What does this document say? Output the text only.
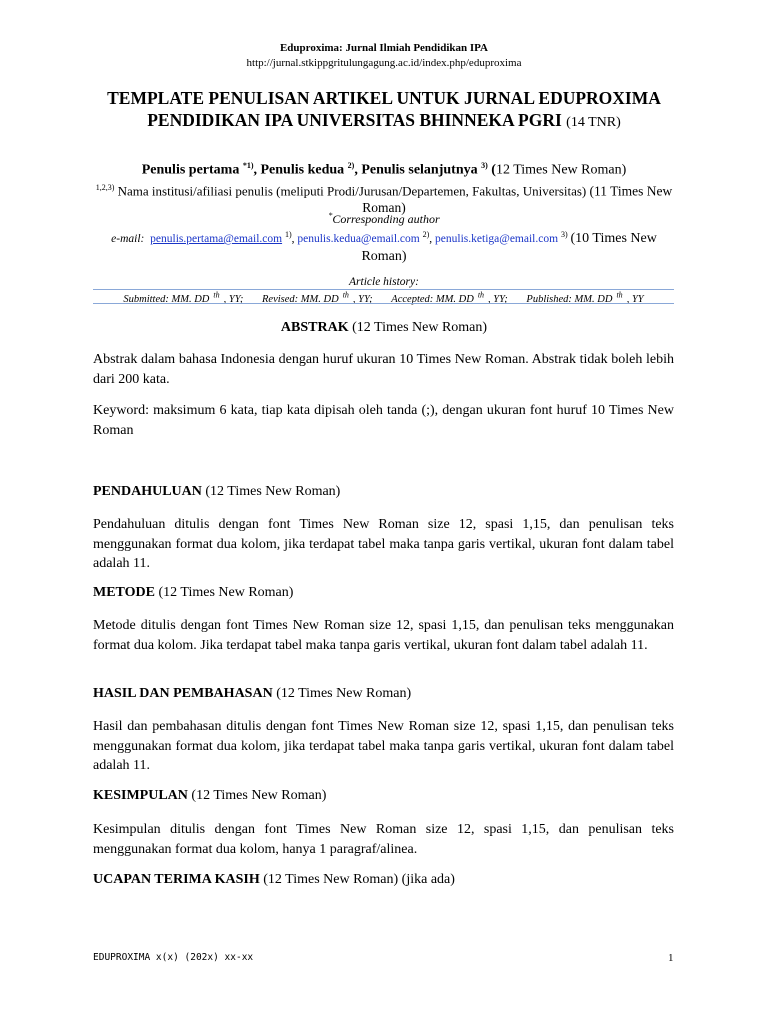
Eduproxima: Jurnal Ilmiah Pendidikan IPA
http://jurnal.stkippgritulungagung.ac.id/index.php/eduproxima
TEMPLATE PENULISAN ARTIKEL UNTUK JURNAL EDUPROXIMA
PENDIDIKAN IPA UNIVERSITAS BHINNEKA PGRI (14 TNR)
Penulis pertama $^{*1)}$, Penulis kedua $^{2)}$, Penulis selanjutnya $^{3)}$ (12 Times New Roman)
$^{1,2,3)}$ Nama institusi/afiliasi penulis (meliputi Prodi/Jurusan/Departemen, Fakultas, Universitas) (11 Times New Roman)
*Corresponding author
e-mail: penulis.pertama@email.com $^{1)}$, penulis.kedua@email.com $^{2)}$, penulis.ketiga@email.com $^{3)}$ (10 Times New Roman)
Article history:
Submitted: MM. DD $^{th}$ , YY; Revised: MM. DD $^{th}$ , YY; Accepted: MM. DD $^{th}$ , YY; Published: MM. DD $^{th}$ , YY
ABSTRAK (12 Times New Roman)
Abstrak dalam bahasa Indonesia dengan huruf ukuran 10 Times New Roman. Abstrak tidak boleh lebih dari 200 kata.
Keyword: maksimum 6 kata, tiap kata dipisah oleh tanda (;), dengan ukuran font huruf 10 Times New Roman
PENDAHULUAN (12 Times New Roman)
Pendahuluan ditulis dengan font Times New Roman size 12, spasi 1,15, dan penulisan teks menggunakan format dua kolom, jika terdapat tabel maka tanpa garis vertikal, ukuran font dalam tabel adalah 11.
METODE (12 Times New Roman)
Metode ditulis dengan font Times New Roman size 12, spasi 1,15, dan penulisan teks menggunakan format dua kolom. Jika terdapat tabel maka tanpa garis vertikal, ukuran font dalam tabel adalah 11.
HASIL DAN PEMBAHASAN (12 Times New Roman)
Hasil dan pembahasan ditulis dengan font Times New Roman size 12, spasi 1,15, dan penulisan teks menggunakan format dua kolom, jika terdapat tabel maka tanpa garis vertikal, ukuran font dalam tabel adalah 11.
KESIMPULAN (12 Times New Roman)
Kesimpulan ditulis dengan font Times New Roman size 12, spasi 1,15, dan penulisan teks menggunakan format dua kolom, hanya 1 paragraf/alinea.
UCAPAN TERIMA KASIH (12 Times New Roman) (jika ada)
EDUPROXIMA x(x) (202x) xx-xx	1
